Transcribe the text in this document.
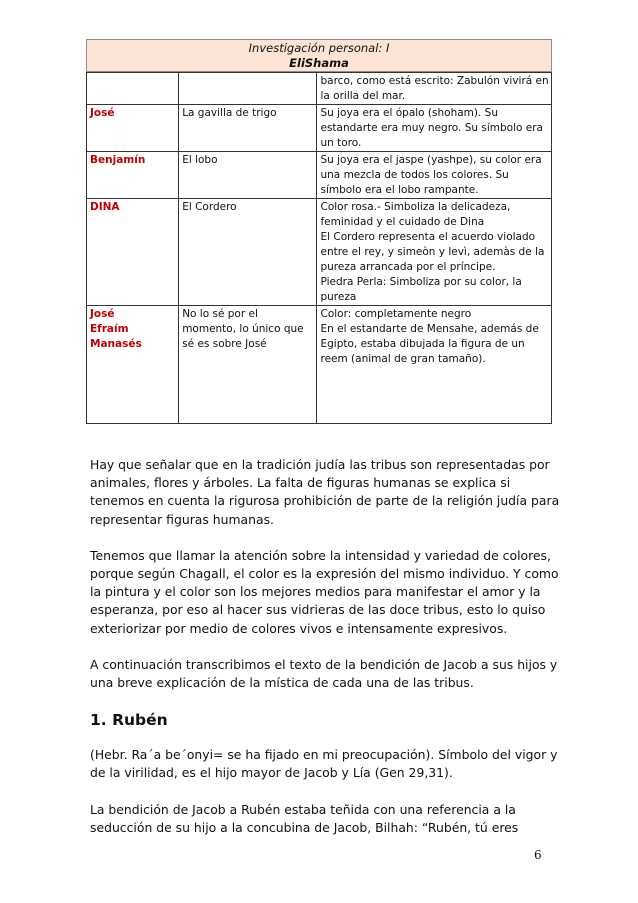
Investigación personal: I
EliShama
		barco, como está escrito: Zabulón vivirá en la orilla del mar.
José	La gavilla de trigo	Su joya era el ópalo (shoham). Su estandarte era muy negro. Su símbolo era un toro.
Benjamín	El lobo	Su joya era el jaspe (yashpe), su color era una mezcla de todos los colores. Su símbolo era el lobo rampante.
DINA	El Cordero	Color rosa.- Simboliza la delicadeza, feminidad y el cuidado de Dina
El Cordero representa el acuerdo violado entre el rey, y simeòn y levì, ademàs de la pureza arrancada por el príncipe.
Piedra Perla: Simboliza por su color, la pureza
José
Efraím
Manasés	No lo sé por el momento, lo único que sé es sobre José	Color: completamente negro
En el estandarte de Mensahe, además de Egipto, estaba dibujada la figura de un reem (animal de gran tamaño).

Hay que señalar que en la tradición judía las tribus son representadas por animales, flores y árboles. La falta de figuras humanas se explica si tenemos en cuenta la rigurosa prohibición de parte de la religión judía para representar figuras humanas.

Tenemos que llamar la atención sobre la intensidad y variedad de colores, porque según Chagall, el color es la expresión del mismo individuo. Y como la pintura y el color son los mejores medios para manifestar el amor y la esperanza, por eso al hacer sus vidrieras de las doce tribus, esto lo quiso exteriorizar por medio de colores vivos e intensamente expresivos.

A continuación transcribimos el texto de la bendición de Jacob a sus hijos y una breve explicación de la mística de cada una de las tribus.

1. Rubén

(Hebr. Ra´a be´onyi= se ha fijado en mi preocupación). Símbolo del vigor y de la virilidad, es el hijo mayor de Jacob y Lía (Gen 29,31).

La bendición de Jacob a Rubén estaba teñida con una referencia a la seducción de su hijo a la concubina de Jacob, Bilhah: “Rubén, tú eres

6
